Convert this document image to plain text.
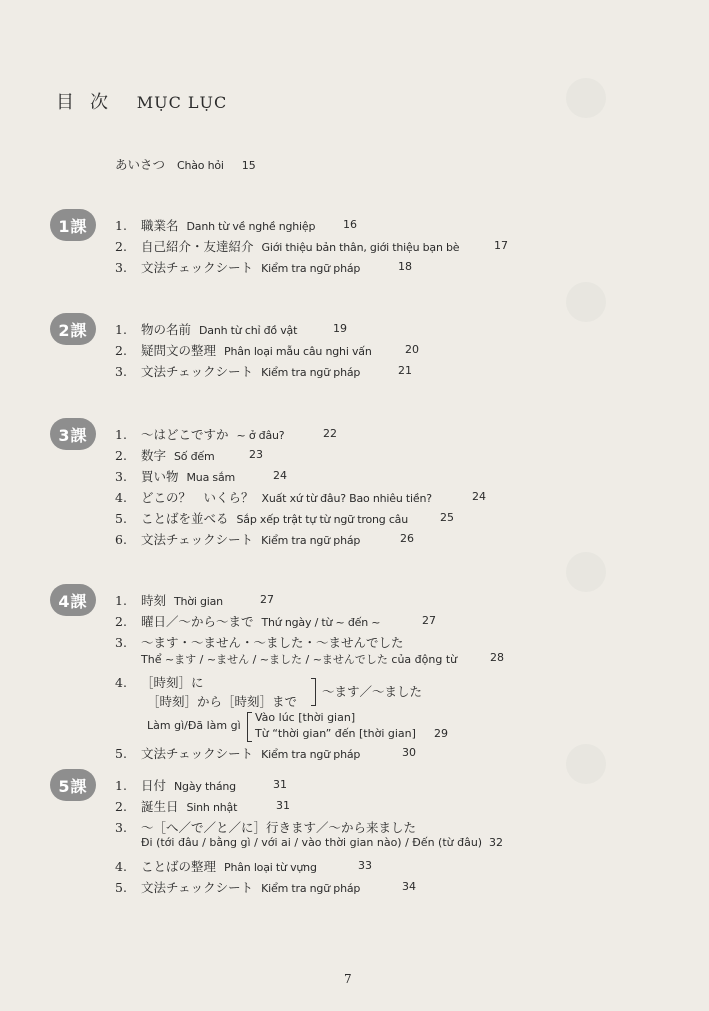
目次 MỤC LỤC
あいさつ Chào hỏi 15
1課	1. 職業名 Danh từ về nghề nghiệp	16
2. 自己紹介・友達紹介 Giới thiệu bản thân, giới thiệu bạn bè	17
3. 文法チェックシート Kiểm tra ngữ pháp	18
2課	1. 物の名前 Danh từ chỉ đồ vật	19
2. 疑問文の整理 Phân loại mẫu câu nghi vấn	20
3. 文法チェックシート Kiểm tra ngữ pháp	21
3課	1. ～はどこですか ~ ở đâu?	22
2. 数字 Số đếm	23
3. 買い物 Mua sắm	24
4. どこの？　いくら？ Xuất xứ từ đâu? Bao nhiêu tiền?	24
5. ことばを並べる Sắp xếp trật tự từ ngữ trong câu	25
6. 文法チェックシート Kiểm tra ngữ pháp	26
4課	1. 時刻 Thời gian	27
2. 曜日／～から～まで Thứ ngày / từ ~ đến ~	27
3. ～ます・～ません・～ました・～ませんでした
Thể ~ます / ~ません / ~ました / ~ませんでした của động từ	28
4. ［時刻］に
［時刻］から［時刻］まで
～ます／～ました
Làm gì/Đã làm gì
Vào lúc [thời gian]
Từ “thời gian” đến [thời gian] 29
5. 文法チェックシート Kiểm tra ngữ pháp	30
5課	1. 日付 Ngày tháng	31
2. 誕生日 Sinh nhật	31
3. ～［へ／で／と／に］行きます／～から来ました
Đi (tới đâu / bằng gì / với ai / vào thời gian nào) / Đến (từ đâu) 32
4. ことばの整理 Phân loại từ vựng	33
5. 文法チェックシート Kiểm tra ngữ pháp	34
7
